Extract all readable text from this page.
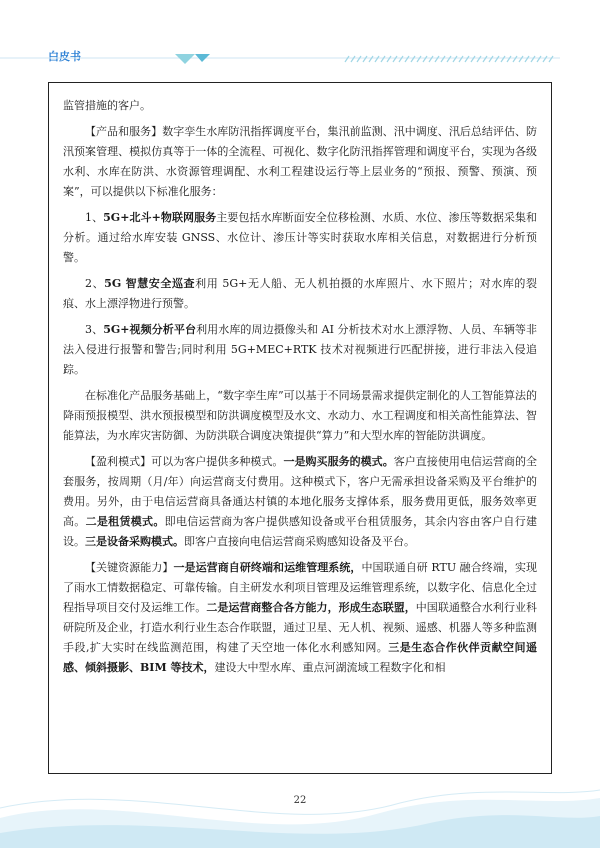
白皮书

监管措施的客户。

【产品和服务】数字孪生水库防汛指挥调度平台，集汛前监测、汛中调度、汛后总结评估、防汛预案管理、模拟仿真等于一体的全流程、可视化、数字化防汛指挥管理和调度平台，实现为各级水利、水库在防洪、水资源管理调配、水利工程建设运行等上层业务的“预报、预警、预演、预案”，可以提供以下标准化服务：

1、5G+北斗+物联网服务主要包括水库断面安全位移检测、水质、水位、渗压等数据采集和分析。通过给水库安装 GNSS、水位计、渗压计等实时获取水库相关信息，对数据进行分析预警。

2、5G 智慧安全巡查利用 5G+无人船、无人机拍摄的水库照片、水下照片；对水库的裂痕、水上漂浮物进行预警。

3、5G+视频分析平台利用水库的周边摄像头和 AI 分析技术对水上漂浮物、人员、车辆等非法入侵进行报警和警告;同时利用 5G+MEC+RTK 技术对视频进行匹配拼接，进行非法入侵追踪。

在标准化产品服务基础上，“数字孪生库”可以基于不同场景需求提供定制化的人工智能算法的降雨预报模型、洪水预报模型和防洪调度模型及水文、水动力、水工程调度和相关高性能算法、智能算法，为水库灾害防御、为防洪联合调度决策提供“算力”和大型水库的智能防洪调度。

【盈利模式】可以为客户提供多种模式。一是购买服务的模式。客户直接使用电信运营商的全套服务，按周期（月/年）向运营商支付费用。这种模式下，客户无需承担设备采购及平台维护的费用。另外，由于电信运营商具备通达村镇的本地化服务支撑体系，服务费用更低，服务效率更高。二是租赁模式。即电信运营商为客户提供感知设备或平台租赁服务，其余内容由客户自行建设。三是设备采购模式。即客户直接向电信运营商采购感知设备及平台。

【关键资源能力】一是运营商自研终端和运维管理系统，中国联通自研 RTU 融合终端，实现了雨水工情数据稳定、可靠传输。自主研发水利项目管理及运维管理系统，以数字化、信息化全过程指导项目交付及运维工作。二是运营商整合各方能力，形成生态联盟，中国联通整合水利行业科研院所及企业，打造水利行业生态合作联盟，通过卫星、无人机、视频、遥感、机器人等多种监测手段,扩大实时在线监测范围，构建了天空地一体化水利感知网。三是生态合作伙伴贡献空间遥感、倾斜摄影、BIM 等技术，建设大中型水库、重点河湖流域工程数字化和相

22
